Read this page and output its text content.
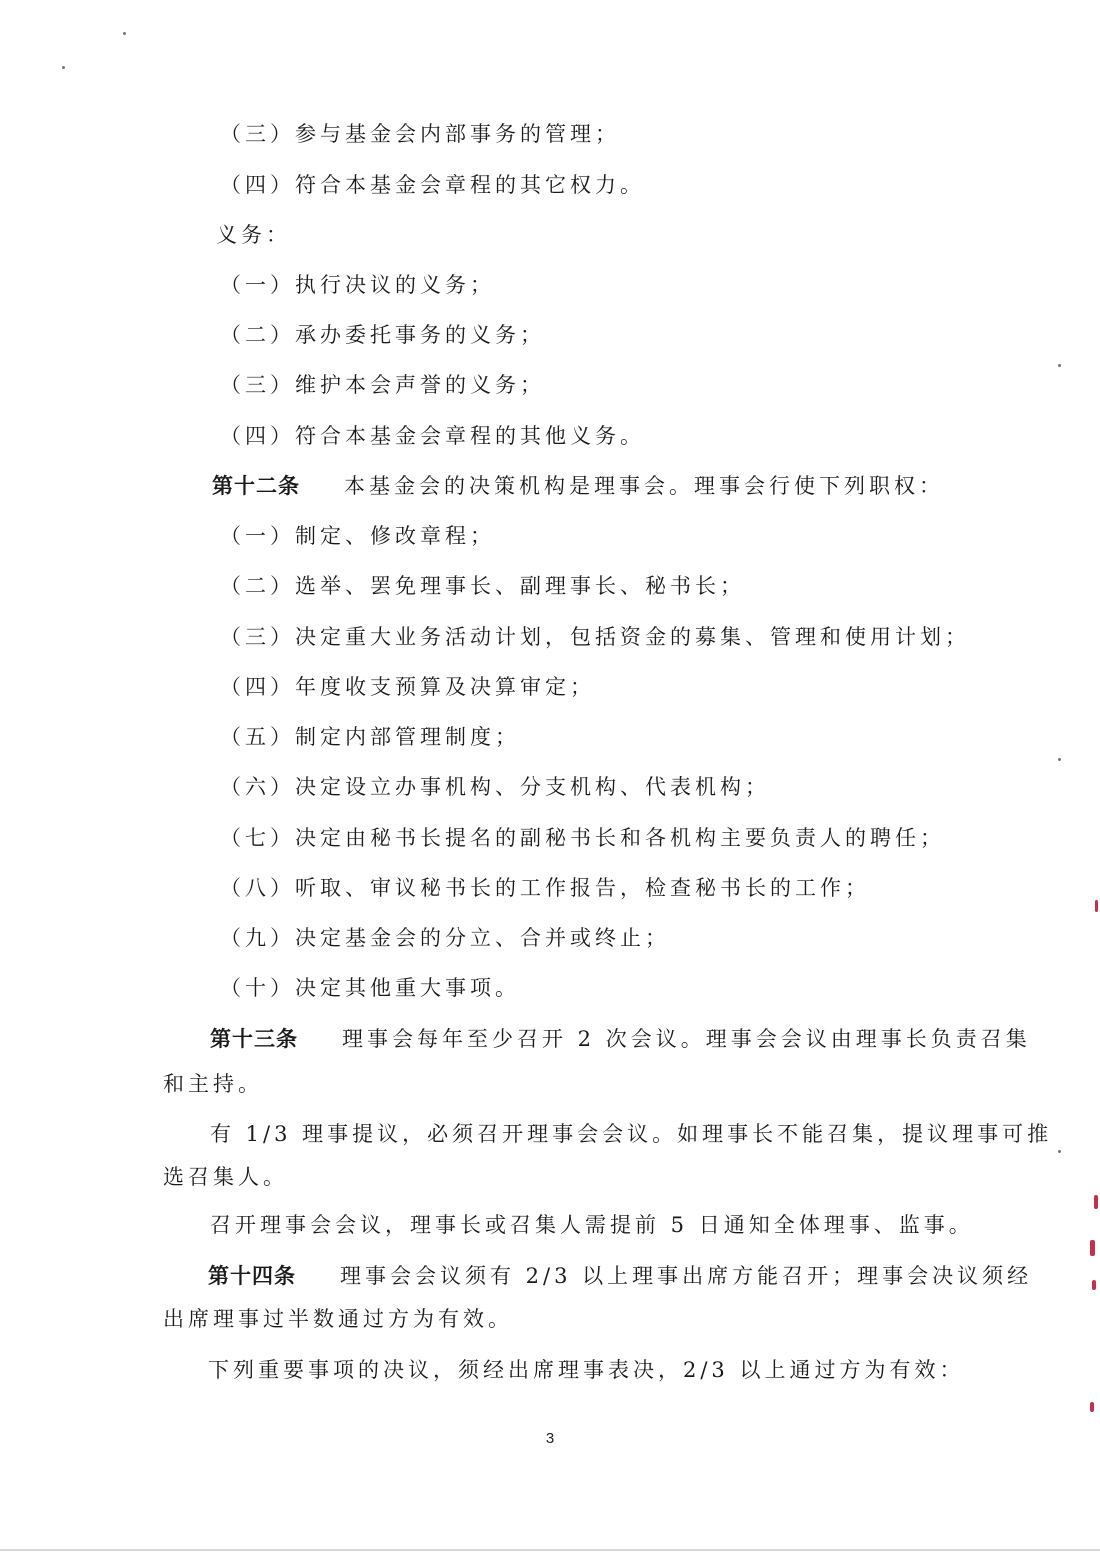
（三）参与基金会内部事务的管理；
（四）符合本基金会章程的其它权力。
义务：
（一）执行决议的义务；
（二）承办委托事务的义务；
（三）维护本会声誉的义务；
（四）符合本基金会章程的其他义务。
第十二条 本基金会的决策机构是理事会。理事会行使下列职权：
（一）制定、修改章程；
（二）选举、罢免理事长、副理事长、秘书长；
（三）决定重大业务活动计划，包括资金的募集、管理和使用计划；
（四）年度收支预算及决算审定；
（五）制定内部管理制度；
（六）决定设立办事机构、分支机构、代表机构；
（七）决定由秘书长提名的副秘书长和各机构主要负责人的聘任；
（八）听取、审议秘书长的工作报告，检查秘书长的工作；
（九）决定基金会的分立、合并或终止；
（十）决定其他重大事项。
第十三条 理事会每年至少召开 2 次会议。理事会会议由理事长负责召集
和主持。
有 1/3 理事提议，必须召开理事会会议。如理事长不能召集，提议理事可推
选召集人。
召开理事会会议，理事长或召集人需提前 5 日通知全体理事、监事。
第十四条 理事会会议须有 2/3 以上理事出席方能召开；理事会决议须经
出席理事过半数通过方为有效。
下列重要事项的决议，须经出席理事表决，2/3 以上通过方为有效：
3
